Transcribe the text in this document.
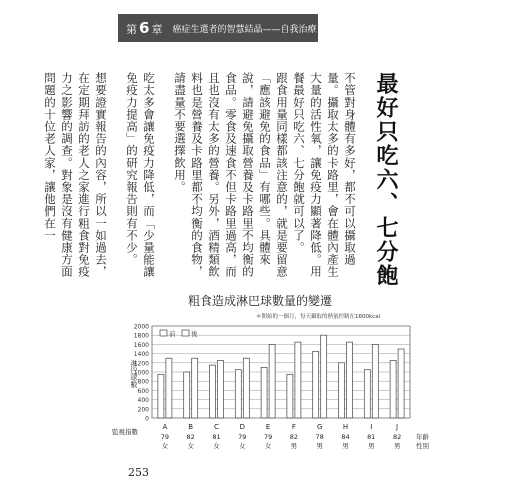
第 6 章	癌症生還者的智慧結晶——自我治療
最好只吃六、七分飽

不管對身體有多好，都不可以攝取過量。攝取太多的卡路里，會在體內產生大量的活性氧，讓免疫力顯著降低。用餐最好只吃六、七分飽就可以了。

跟食用量同樣都該注意的，就是要留意「應該避免的食品」有哪些。具體來說，請避免攝取營養及卡路里不均衡的食品。零食及速食不但卡路里過高，而且也沒有太多的營養。另外，酒精類飲料也是營養及卡路里都不均衡的食物，請盡量不要選擇飲用。

吃太多會讓免疫力降低，而「少量能讓免疫力提高」的研究報告則有不少。

想要證實報告的內容，所以一如過去，在定期拜訪的老人之家進行粗食對免疫力之影響的調查。對象是沒有健康方面問題的十位老人家，讓他們在一

粗食造成淋巴球數量的變遷
0
200
400
600
800
1000
1200
1400
1600
1800
2000
淋巴球數
前 後
＊開始的一個月，每天攝取的熱量控制在1600kcal
A
79
女
B
82
女
C
81
女
D
79
女
E
79
女
F
82
男
G
78
男
H
84
男
I
81
男
J
82
男
監視指數
年齡
性別
253
